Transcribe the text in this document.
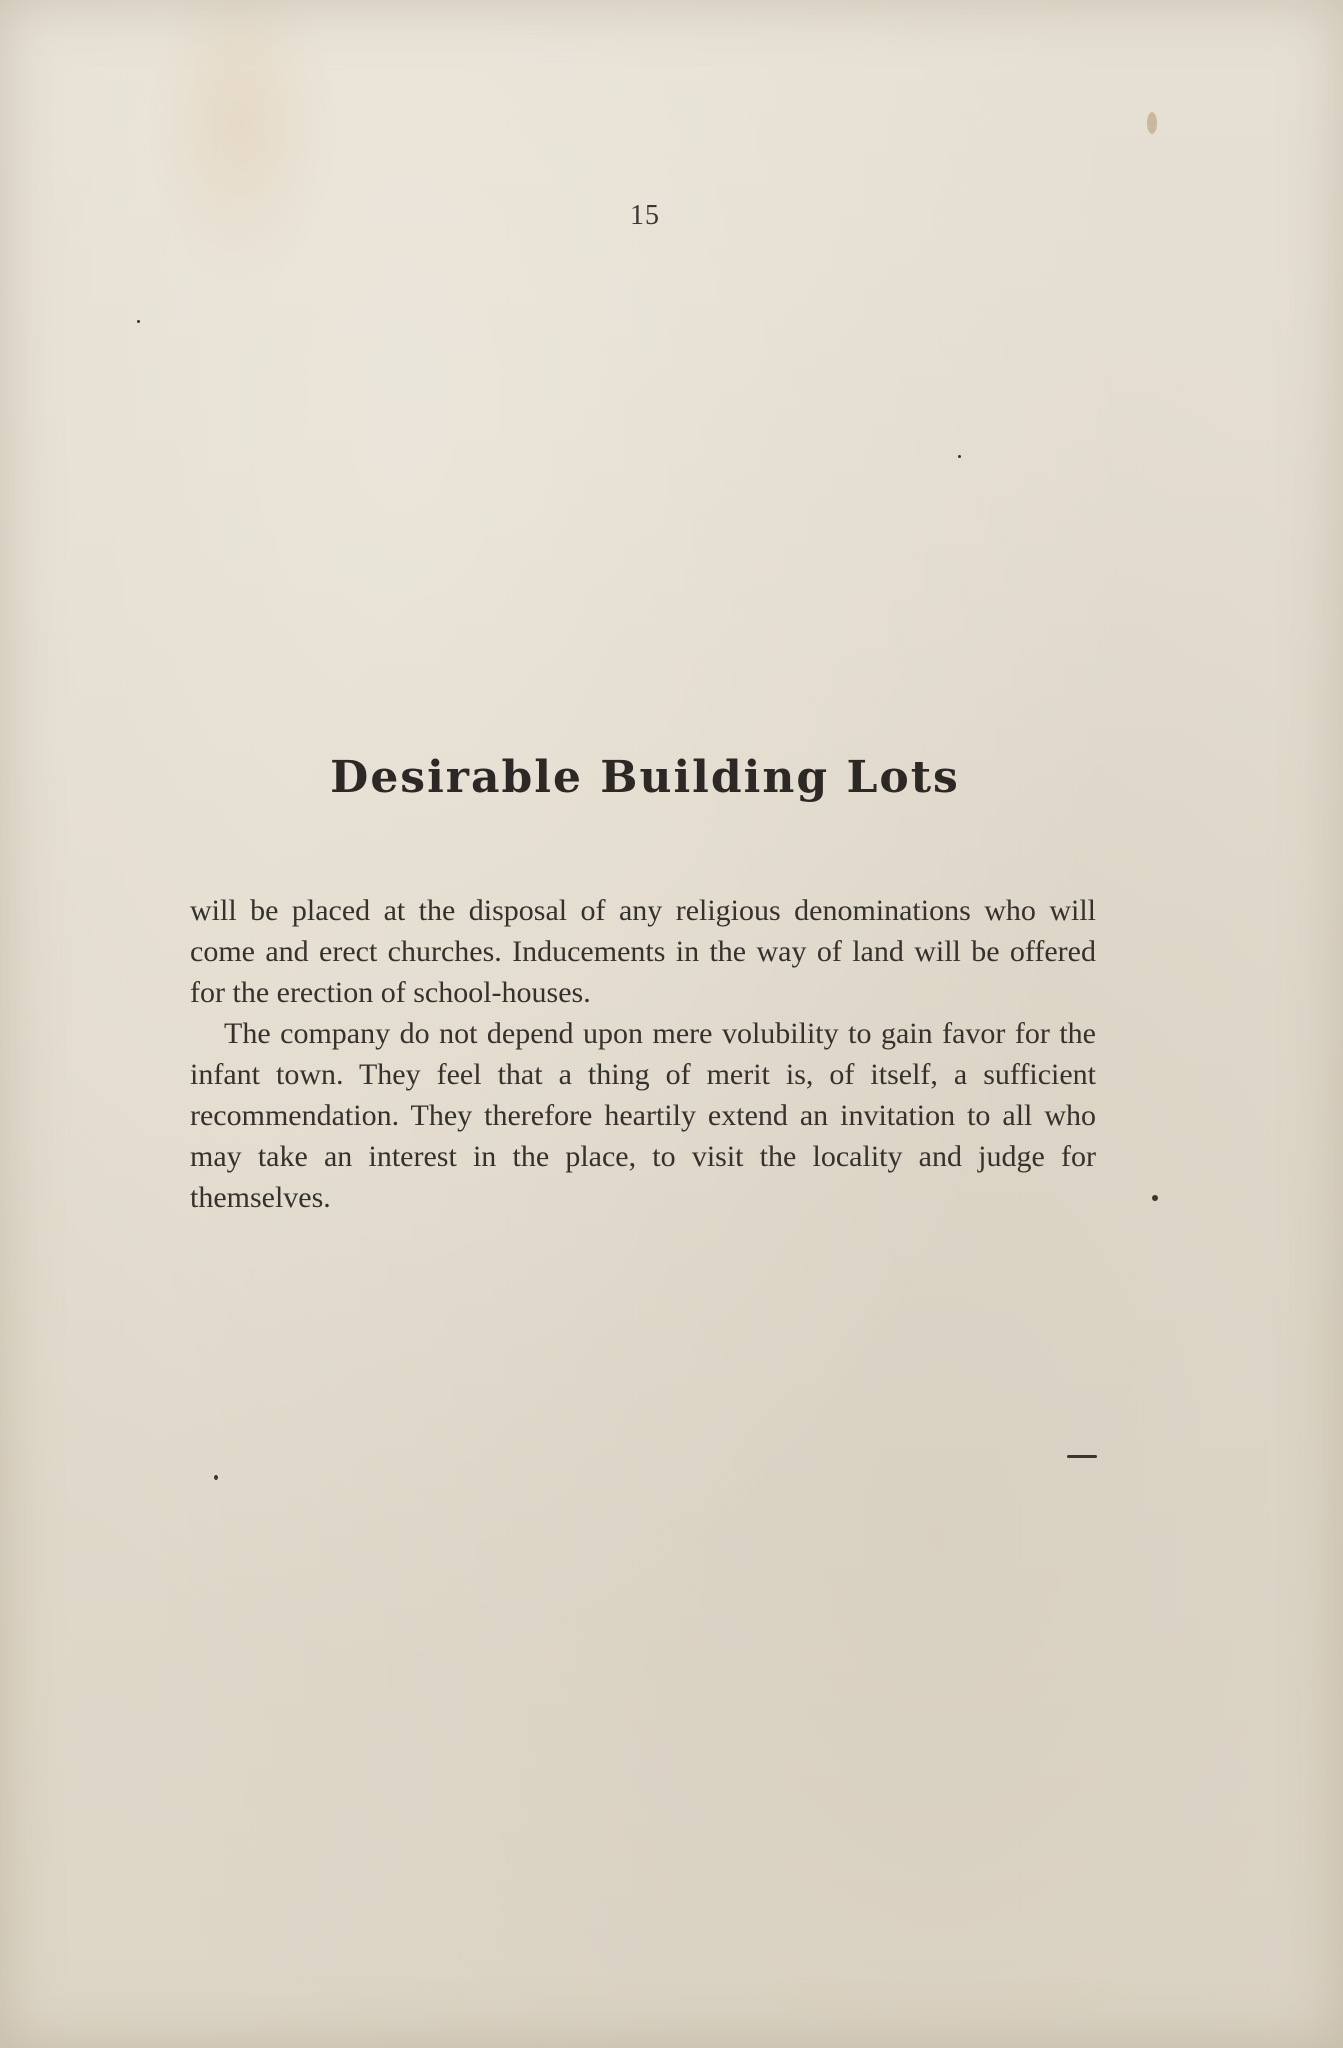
15
Desirable Building Lots

will be placed at the disposal of any religious denominations who will come and erect churches. Inducements in the way of land will be offered for the erection of school-houses.

The company do not depend upon mere volubility to gain favor for the infant town. They feel that a thing of merit is, of itself, a sufficient recommendation. They therefore heartily extend an invitation to all who may take an interest in the place, to visit the locality and judge for themselves.
